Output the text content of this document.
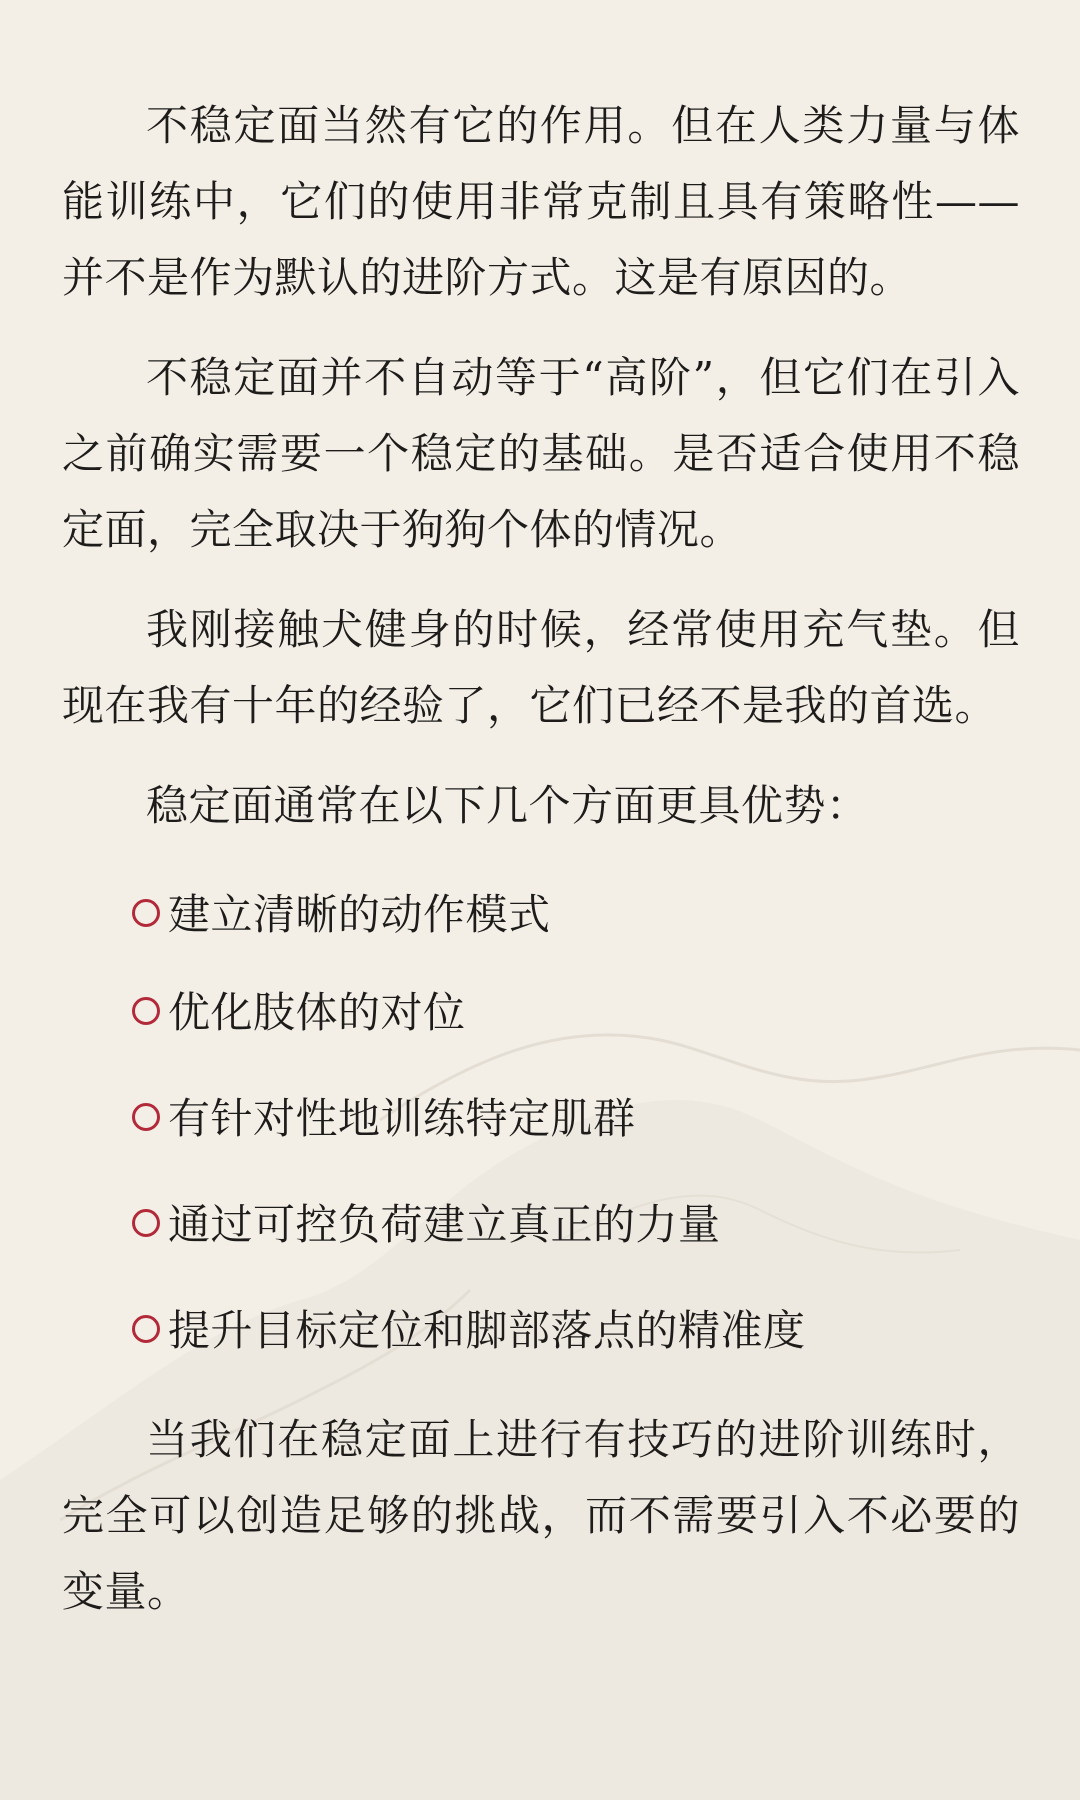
不稳定面当然有它的作用。但在人类力量与体能训练中，它们的使用非常克制且具有策略性——并不是作为默认的进阶方式。这是有原因的。

不稳定面并不自动等于“高阶”，但它们在引入之前确实需要一个稳定的基础。是否适合使用不稳定面，完全取决于狗狗个体的情况。

我刚接触犬健身的时候，经常使用充气垫。但现在我有十年的经验了，它们已经不是我的首选。

稳定面通常在以下几个方面更具优势：

建立清晰的动作模式
优化肢体的对位
有针对性地训练特定肌群
通过可控负荷建立真正的力量
提升目标定位和脚部落点的精准度

当我们在稳定面上进行有技巧的进阶训练时，完全可以创造足够的挑战，而不需要引入不必要的变量。
